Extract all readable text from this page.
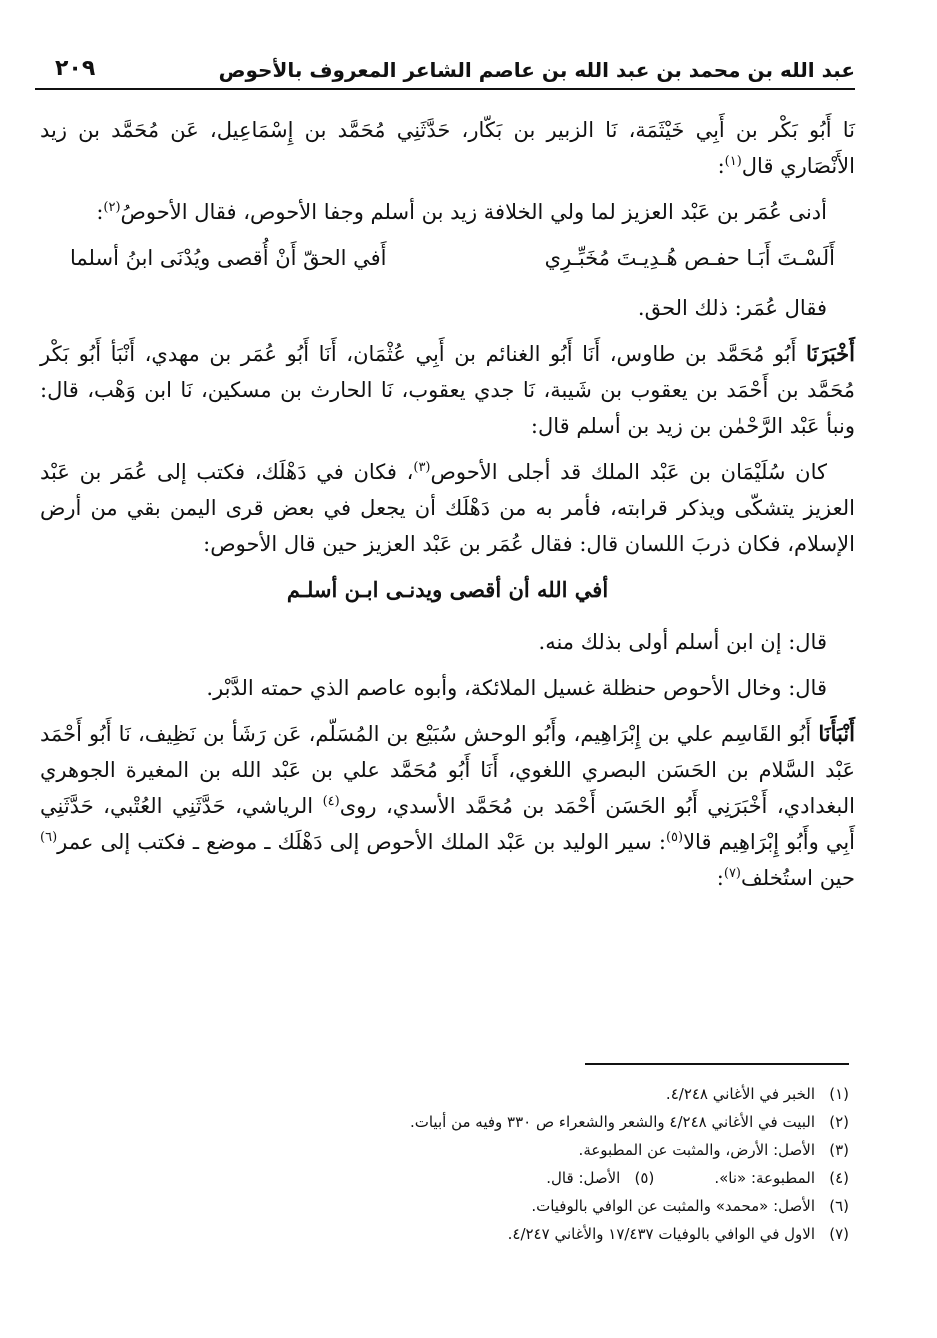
عبد الله بن محمد بن عبد الله بن عاصم الشاعر المعروف بالأحوص
٢٠٩

نَا أَبُو بَكْر بن أَبِي خَيْثَمَة، نَا الزبير بن بَكّار، حَدَّثَنِي مُحَمَّد بن إِسْمَاعِيل، عَن مُحَمَّد بن زيد الأَنْصَاري قال$^{(١)}$:

أدنى عُمَر بن عَبْد العزيز لما ولي الخلافة زيد بن أسلم وجفا الأحوص، فقال الأحوصُ$^{(٢)}$:

أَلَسْـتَ أَبَـا حفـص هُـدِيـتَ مُخَبِّـرِي
أَفي الحقّ أَنْ أُقصى ويُدْنَى ابنُ أسلما

فقال عُمَر: ذلك الحق.

أَخْبَرَنَا أَبُو مُحَمَّد بن طاوس، أَنَا أَبُو الغنائم بن أَبِي عُثْمَان، أَنَا أَبُو عُمَر بن مهدي، أَنْبَأ أَبُو بَكْر مُحَمَّد بن أَحْمَد بن يعقوب بن شَيبة، نَا جدي يعقوب، نَا الحارث بن مسكين، نَا ابن وَهْب، قال: ونبأ عَبْد الرَّحْمٰن بن زيد بن أسلم قال:

كان سُلَيْمَان بن عَبْد الملك قد أجلى الأحوص$^{(٣)}$، فكان في دَهْلَك، فكتب إلى عُمَر بن عَبْد العزيز يتشكّى ويذكر قرابته، فأمر به من دَهْلَك أن يجعل في بعض قرى اليمن بقي من أرض الإسلام، فكان ذربَ اللسان قال: فقال عُمَر بن عَبْد العزيز حين قال الأحوص:

أفي الله أن أقصى ويدنـى ابـن أسلـم

قال: إن ابن أسلم أولى بذلك منه.

قال: وخال الأحوص حنظلة غسيل الملائكة، وأبوه عاصم الذي حمته الدَّبْر.

أَنْبَأَنَا أَبُو القَاسِم علي بن إِبْرَاهِيم، وأَبُو الوحش سُبَيْع بن المُسَلّم، عَن رَشَأ بن نَظِيف، نَا أَبُو أَحْمَد عَبْد السَّلام بن الحَسَن البصري اللغوي، أَنَا أَبُو مُحَمَّد علي بن عَبْد الله بن المغيرة الجوهري البغدادي، أَخْبَرَنِي أَبُو الحَسَن أَحْمَد بن مُحَمَّد الأسدي، روى$^{(٤)}$ الرياشي، حَدَّثَنِي العُتْبي، حَدَّثَنِي أَبِي وأَبُو إِبْرَاهِيم قالا$^{(٥)}$: سير الوليد بن عَبْد الملك الأحوص إلى دَهْلَك ـ موضع ـ فكتب إلى عمر$^{(٦)}$ حين استُخلف$^{(٧)}$:

(١)الخبر في الأغاني ٤/٢٤٨.
(٢)البيت في الأغاني ٤/٢٤٨ والشعر والشعراء ص ٣٣٠ وفيه من أبيات.
(٣)الأصل: الأرض، والمثبت عن المطبوعة.
(٤)المطبوعة: «نا».
(٥)الأصل: قال.
(٦)الأصل: «محمد» والمثبت عن الوافي بالوفيات.
(٧)الاول في الوافي بالوفيات ١٧/٤٣٧ والأغاني ٤/٢٤٧.
